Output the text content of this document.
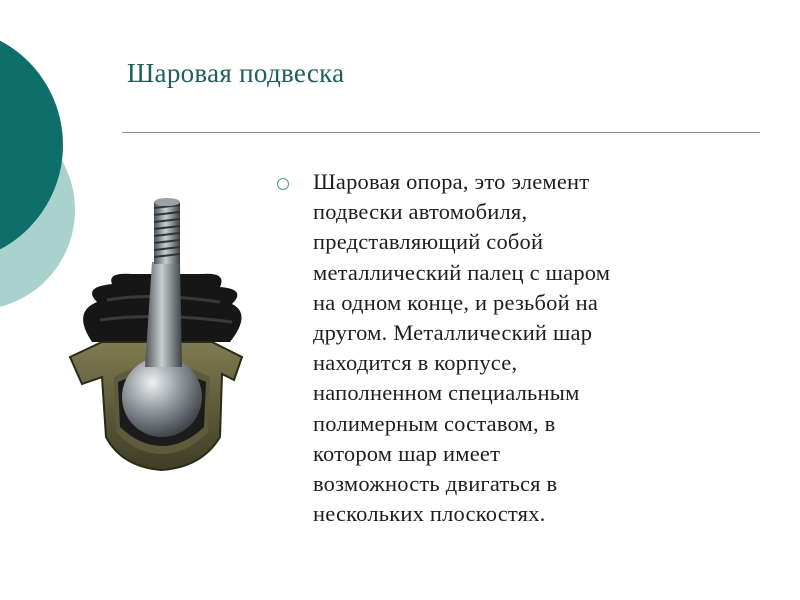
Шаровая подвеска

Шаровая опора, это элемент
подвески автомобиля,
представляющий собой
металлический палец с шаром
на одном конце, и резьбой на
другом. Металлический шар
находится в корпусе,
наполненном специальным
полимерным составом, в
котором шар имеет
возможность двигаться в
нескольких плоскостях.
